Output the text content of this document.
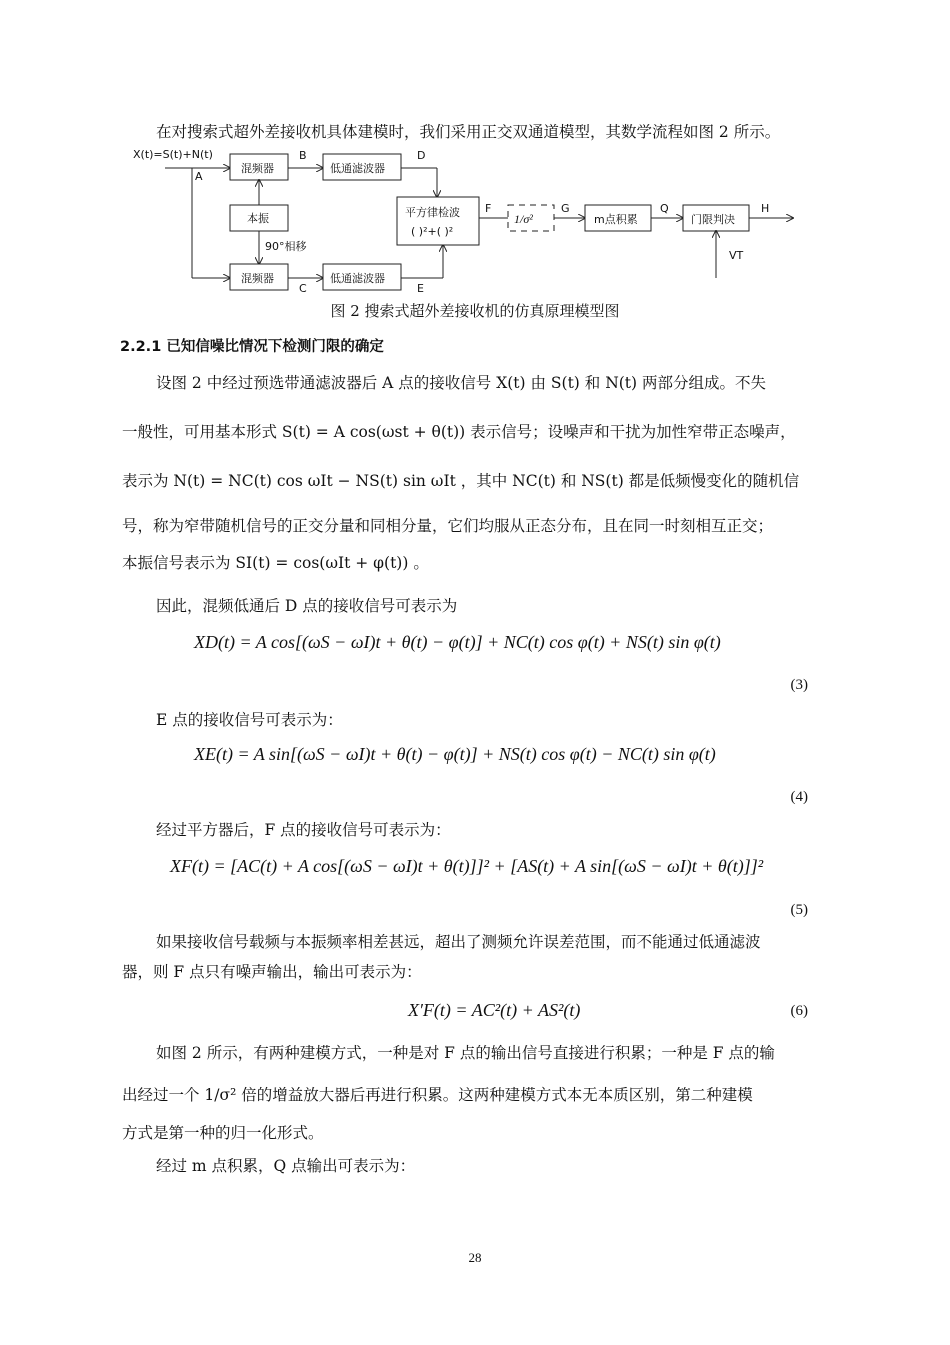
在对搜索式超外差接收机具体建模时，我们采用正交双通道模型，其数学流程如图 2 所示。
X(t)=S(t)+N(t)
A
混频器
B
低通滤波器
D
本振
90°相移
混频器
C
低通滤波器
E
平方律检波
( )²+( )²
F
1/σ²
G
m点积累
Q
门限判决
H
VT
图 2 搜索式超外差接收机的仿真原理模型图
2.2.1 已知信噪比情况下检测门限的确定
设图 2 中经过预选带通滤波器后 A 点的接收信号 X(t) 由 S(t) 和 N(t) 两部分组成。不失
一般性，可用基本形式 S(t) = A cos(ωst + θ(t)) 表示信号；设噪声和干扰为加性窄带正态噪声，
表示为 N(t) = NC(t) cos ωIt − NS(t) sin ωIt ，其中 NC(t) 和 NS(t) 都是低频慢变化的随机信
号，称为窄带随机信号的正交分量和同相分量，它们均服从正态分布，且在同一时刻相互正交；
本振信号表示为 SI(t) = cos(ωIt + φ(t)) 。
因此，混频低通后 D 点的接收信号可表示为
XD(t) = A cos[(ωS − ωI)t + θ(t) − φ(t)] + NC(t) cos φ(t) + NS(t) sin φ(t)
(3)
E 点的接收信号可表示为：
XE(t) = A sin[(ωS − ωI)t + θ(t) − φ(t)] + NS(t) cos φ(t) − NC(t) sin φ(t)
(4)
经过平方器后，F 点的接收信号可表示为：
XF(t) = [AC(t) + A cos[(ωS − ωI)t + θ(t)]]² + [AS(t) + A sin[(ωS − ωI)t + θ(t)]]²
(5)
如果接收信号载频与本振频率相差甚远，超出了测频允许误差范围，而不能通过低通滤波
器，则 F 点只有噪声输出，输出可表示为：
X′F(t) = AC²(t) + AS²(t)	(6)
如图 2 所示，有两种建模方式，一种是对 F 点的输出信号直接进行积累；一种是 F 点的输
出经过一个 1/σ² 倍的增益放大器后再进行积累。这两种建模方式本无本质区别，第二种建模
方式是第一种的归一化形式。
经过 m 点积累，Q 点输出可表示为：
28
